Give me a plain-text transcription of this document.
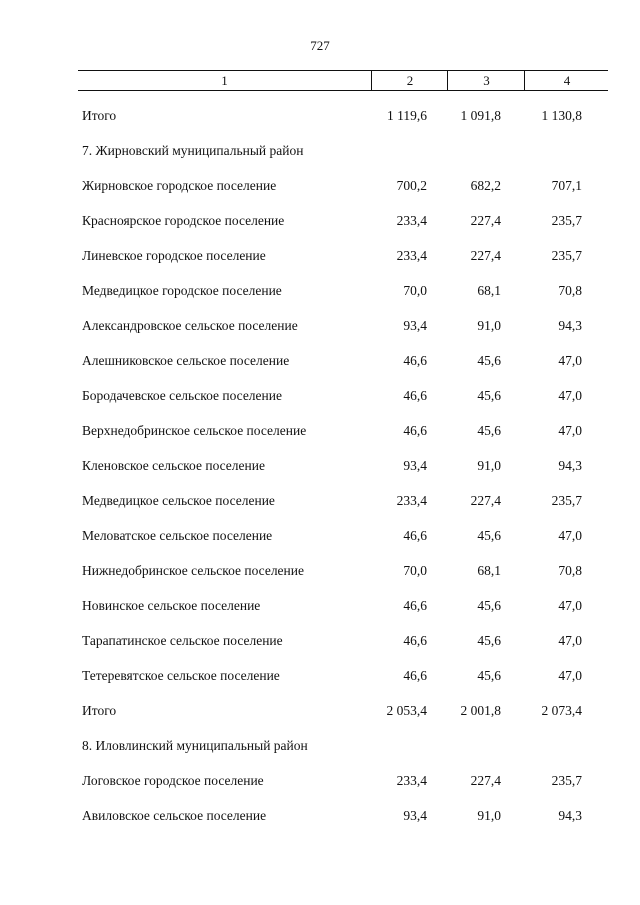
727
1	2	3	4
Итого	1 119,6	1 091,8	1 130,8
7. Жирновский муниципальный район
Жирновское городское поселение	700,2	682,2	707,1
Красноярское городское поселение	233,4	227,4	235,7
Линевское городское поселение	233,4	227,4	235,7
Медведицкое городское поселение	70,0	68,1	70,8
Александровское сельское поселение	93,4	91,0	94,3
Алешниковское сельское поселение	46,6	45,6	47,0
Бородачевское сельское поселение	46,6	45,6	47,0
Верхнедобринское сельское поселение	46,6	45,6	47,0
Кленовское сельское поселение	93,4	91,0	94,3
Медведицкое сельское поселение	233,4	227,4	235,7
Меловатское сельское поселение	46,6	45,6	47,0
Нижнедобринское сельское поселение	70,0	68,1	70,8
Новинское сельское поселение	46,6	45,6	47,0
Тарапатинское сельское поселение	46,6	45,6	47,0
Тетеревятское сельское поселение	46,6	45,6	47,0
Итого	2 053,4	2 001,8	2 073,4
8. Иловлинский муниципальный район
Логовское городское поселение	233,4	227,4	235,7
Авиловское сельское поселение	93,4	91,0	94,3
